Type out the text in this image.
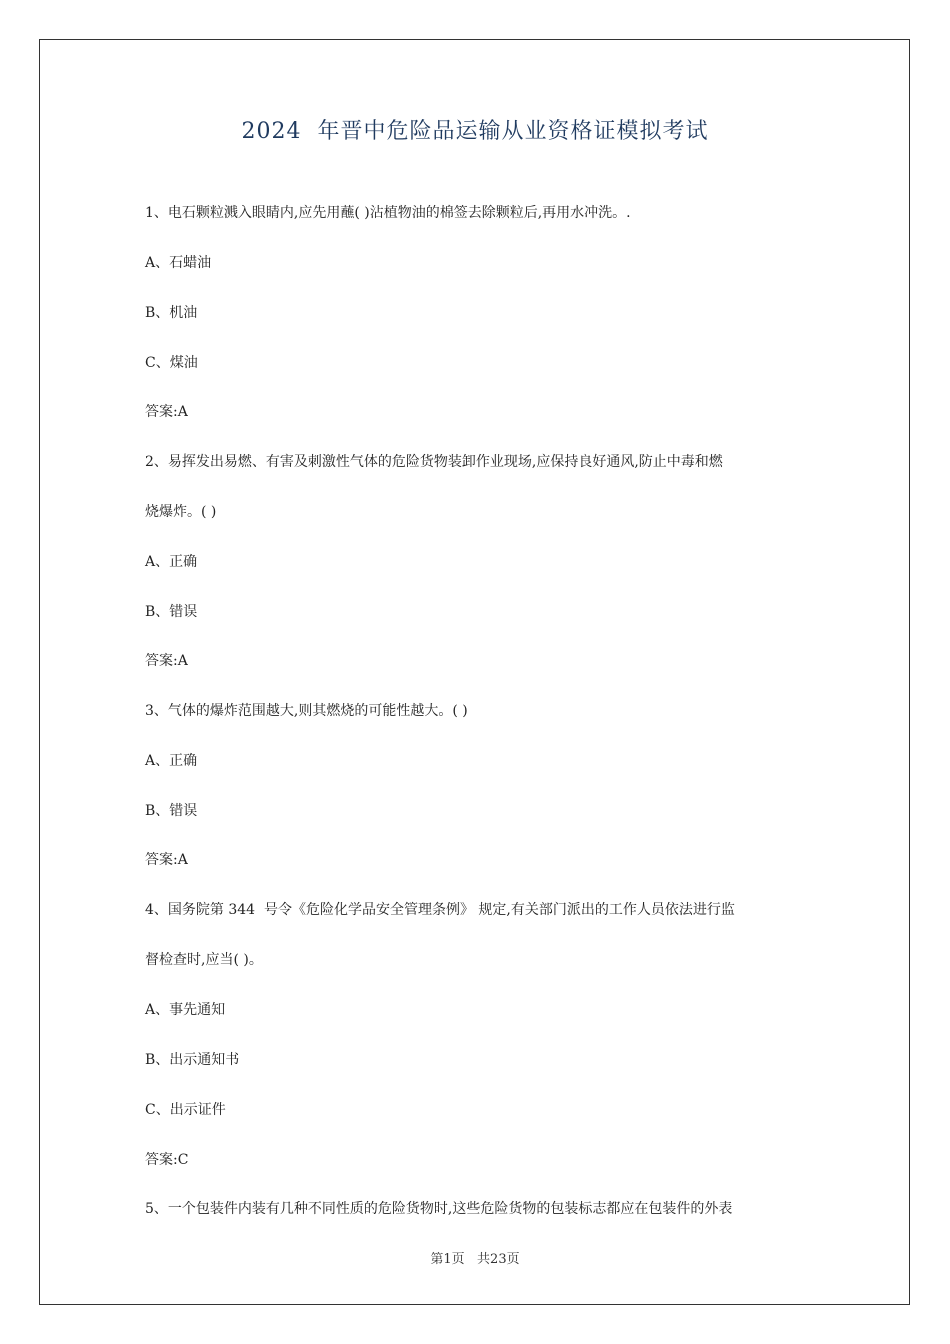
2024  年晋中危险品运输从业资格证模拟考试
1、电石颗粒溅入眼睛内,应先用蘸( )沾植物油的棉签去除颗粒后,再用水冲洗。.
A、石蜡油
B、机油
C、煤油
答案:A
2、易挥发出易燃、有害及刺激性气体的危险货物装卸作业现场,应保持良好通风,防止中毒和燃
烧爆炸。( )
A、正确
B、错误
答案:A
3、气体的爆炸范围越大,则其燃烧的可能性越大。( )
A、正确
B、错误
答案:A
4、国务院第 344  号令《危险化学品安全管理条例》 规定,有关部门派出的工作人员依法进行监
督检查时,应当( )。
A、事先通知
B、出示通知书
C、出示证件
答案:C
5、一个包装件内装有几种不同性质的危险货物时,这些危险货物的包装标志都应在包装件的外表
第1页   共23页
